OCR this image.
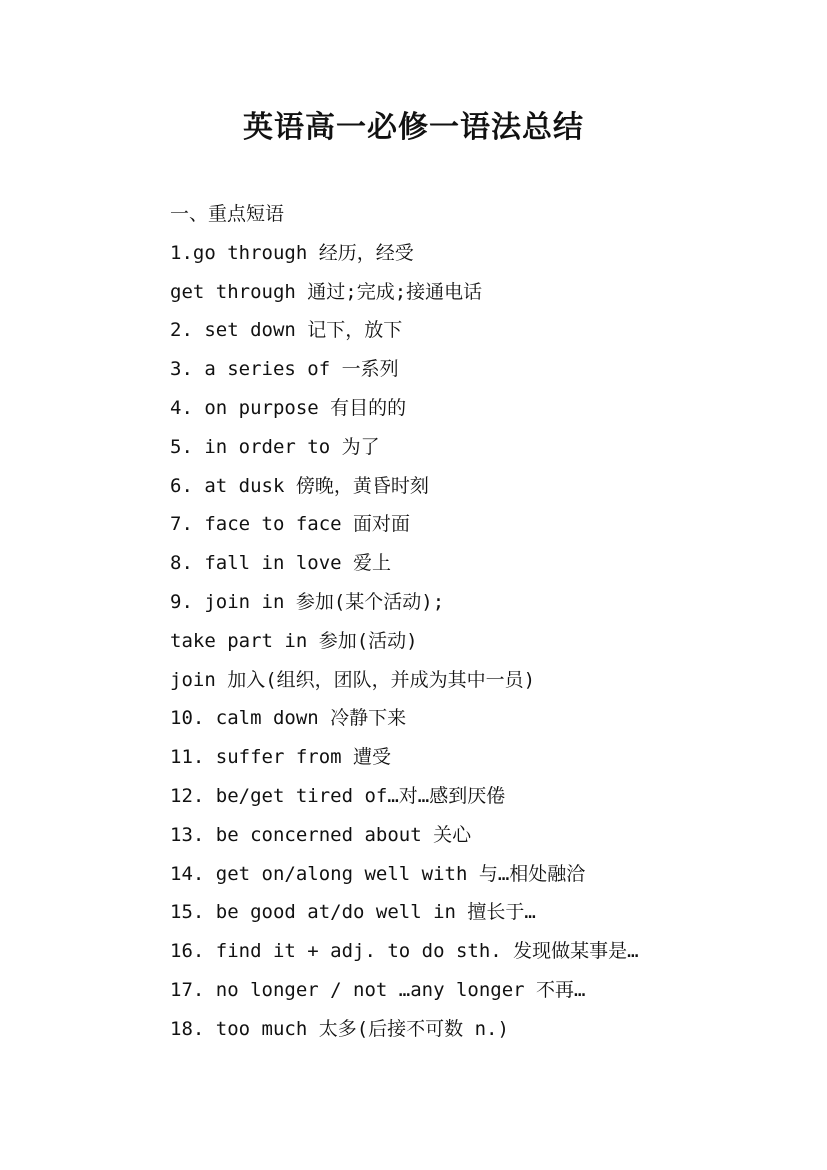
英语高一必修一语法总结
一、重点短语
1.go through 经历，经受
get through 通过;完成;接通电话
2. set down 记下，放下
3. a series of 一系列
4. on purpose 有目的的
5. in order to 为了
6. at dusk 傍晚，黄昏时刻
7. face to face 面对面
8. fall in love 爱上
9. join in 参加(某个活动);
take part in 参加(活动)
join 加入(组织，团队，并成为其中一员)
10. calm down 冷静下来
11. suffer from 遭受
12. be/get tired of…对…感到厌倦
13. be concerned about 关心
14. get on/along well with 与…相处融洽
15. be good at/do well in 擅长于…
16. find it + adj. to do sth. 发现做某事是…
17. no longer / not …any longer 不再…
18. too much 太多(后接不可数 n.)
